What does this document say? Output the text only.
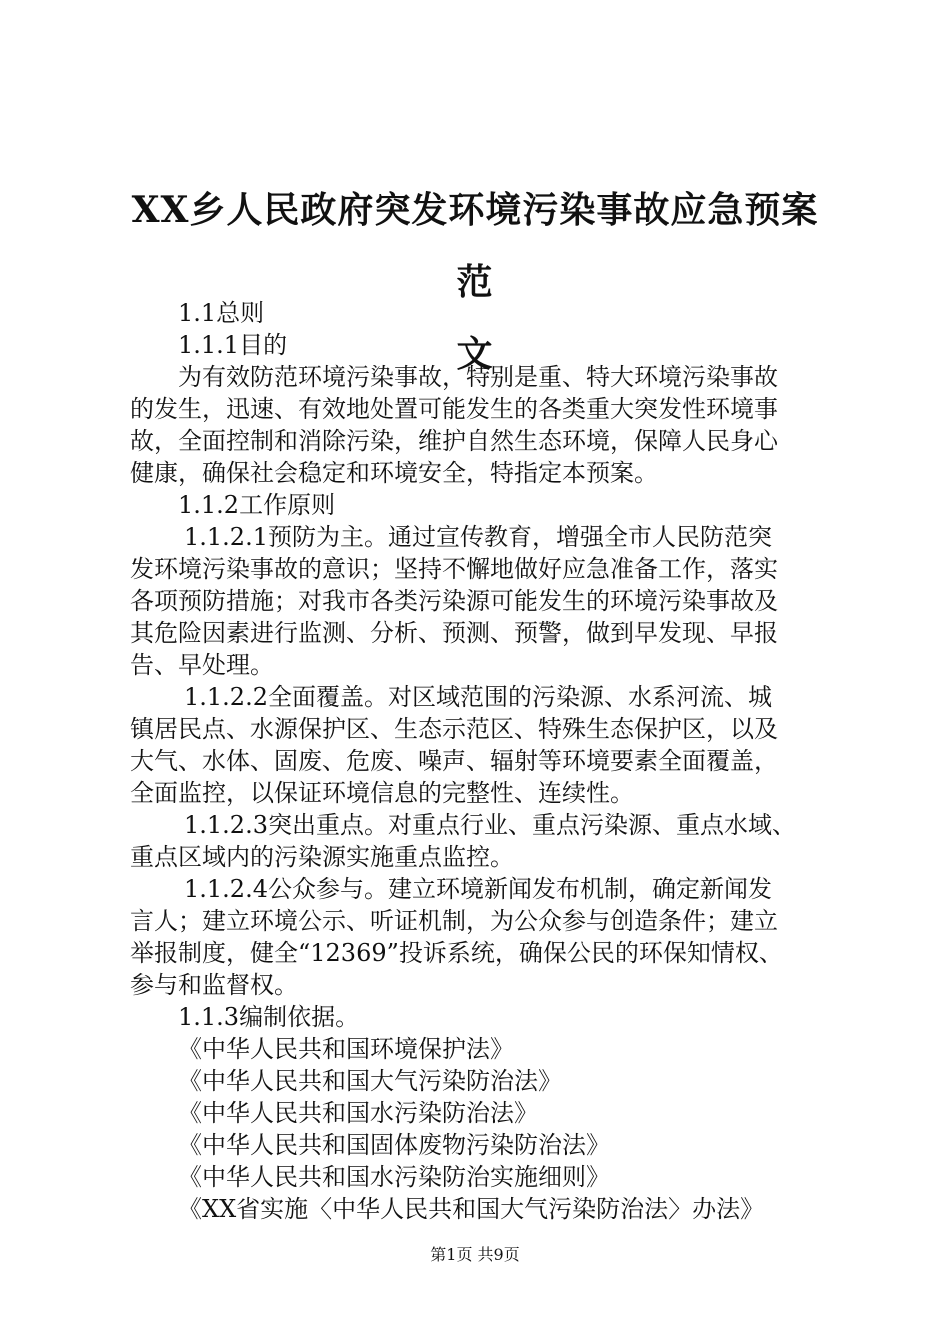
XX乡人民政府突发环境污染事故应急预案范
文
1.1总则
1.1.1目的
为有效防范环境污染事故，特别是重、特大环境污染事故
的发生，迅速、有效地处置可能发生的各类重大突发性环境事
故，全面控制和消除污染，维护自然生态环境，保障人民身心
健康，确保社会稳定和环境安全，特指定本预案。
1.1.2工作原则
1.1.2.1预防为主。通过宣传教育，增强全市人民防范突
发环境污染事故的意识；坚持不懈地做好应急准备工作，落实
各项预防措施；对我市各类污染源可能发生的环境污染事故及
其危险因素进行监测、分析、预测、预警，做到早发现、早报
告、早处理。
1.1.2.2全面覆盖。对区域范围的污染源、水系河流、城
镇居民点、水源保护区、生态示范区、特殊生态保护区，以及
大气、水体、固废、危废、噪声、辐射等环境要素全面覆盖，
全面监控，以保证环境信息的完整性、连续性。
1.1.2.3突出重点。对重点行业、重点污染源、重点水域、
重点区域内的污染源实施重点监控。
1.1.2.4公众参与。建立环境新闻发布机制，确定新闻发
言人；建立环境公示、听证机制，为公众参与创造条件；建立
举报制度，健全“12369”投诉系统，确保公民的环保知情权、
参与和监督权。
1.1.3编制依据。
《中华人民共和国环境保护法》
《中华人民共和国大气污染防治法》
《中华人民共和国水污染防治法》
《中华人民共和国固体废物污染防治法》
《中华人民共和国水污染防治实施细则》
《XX省实施〈中华人民共和国大气污染防治法〉办法》
第1页 共9页
